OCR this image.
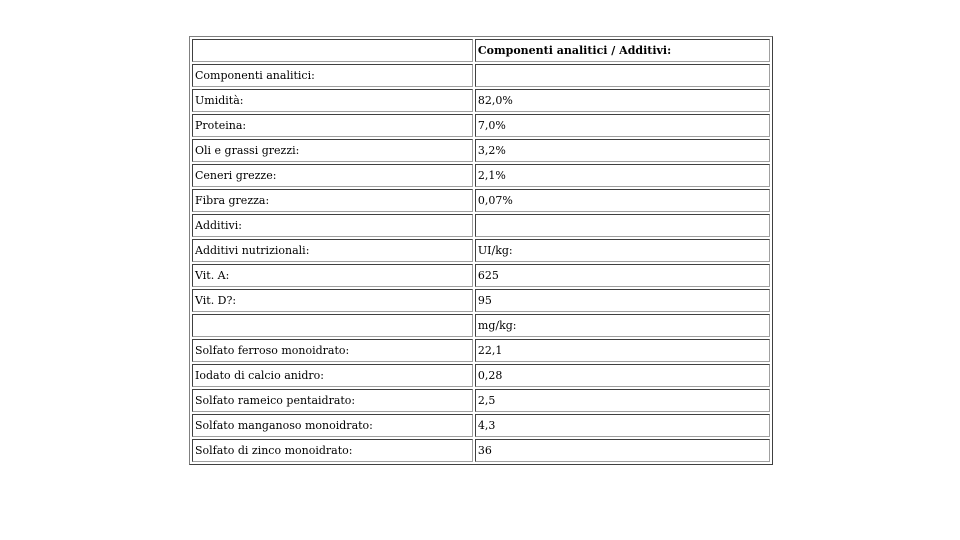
	Componenti analitici / Additivi:
Componenti analitici:	
Umidità:	82,0%
Proteina:	7,0%
Oli e grassi grezzi:	3,2%
Ceneri grezze:	2,1%
Fibra grezza:	0,07%
Additivi:	
Additivi nutrizionali:	UI/kg:
Vit. A:	625
Vit. D?:	95
	mg/kg:
Solfato ferroso monoidrato:	22,1
Iodato di calcio anidro:	0,28
Solfato rameico pentaidrato:	2,5
Solfato manganoso monoidrato:	4,3
Solfato di zinco monoidrato:	36
